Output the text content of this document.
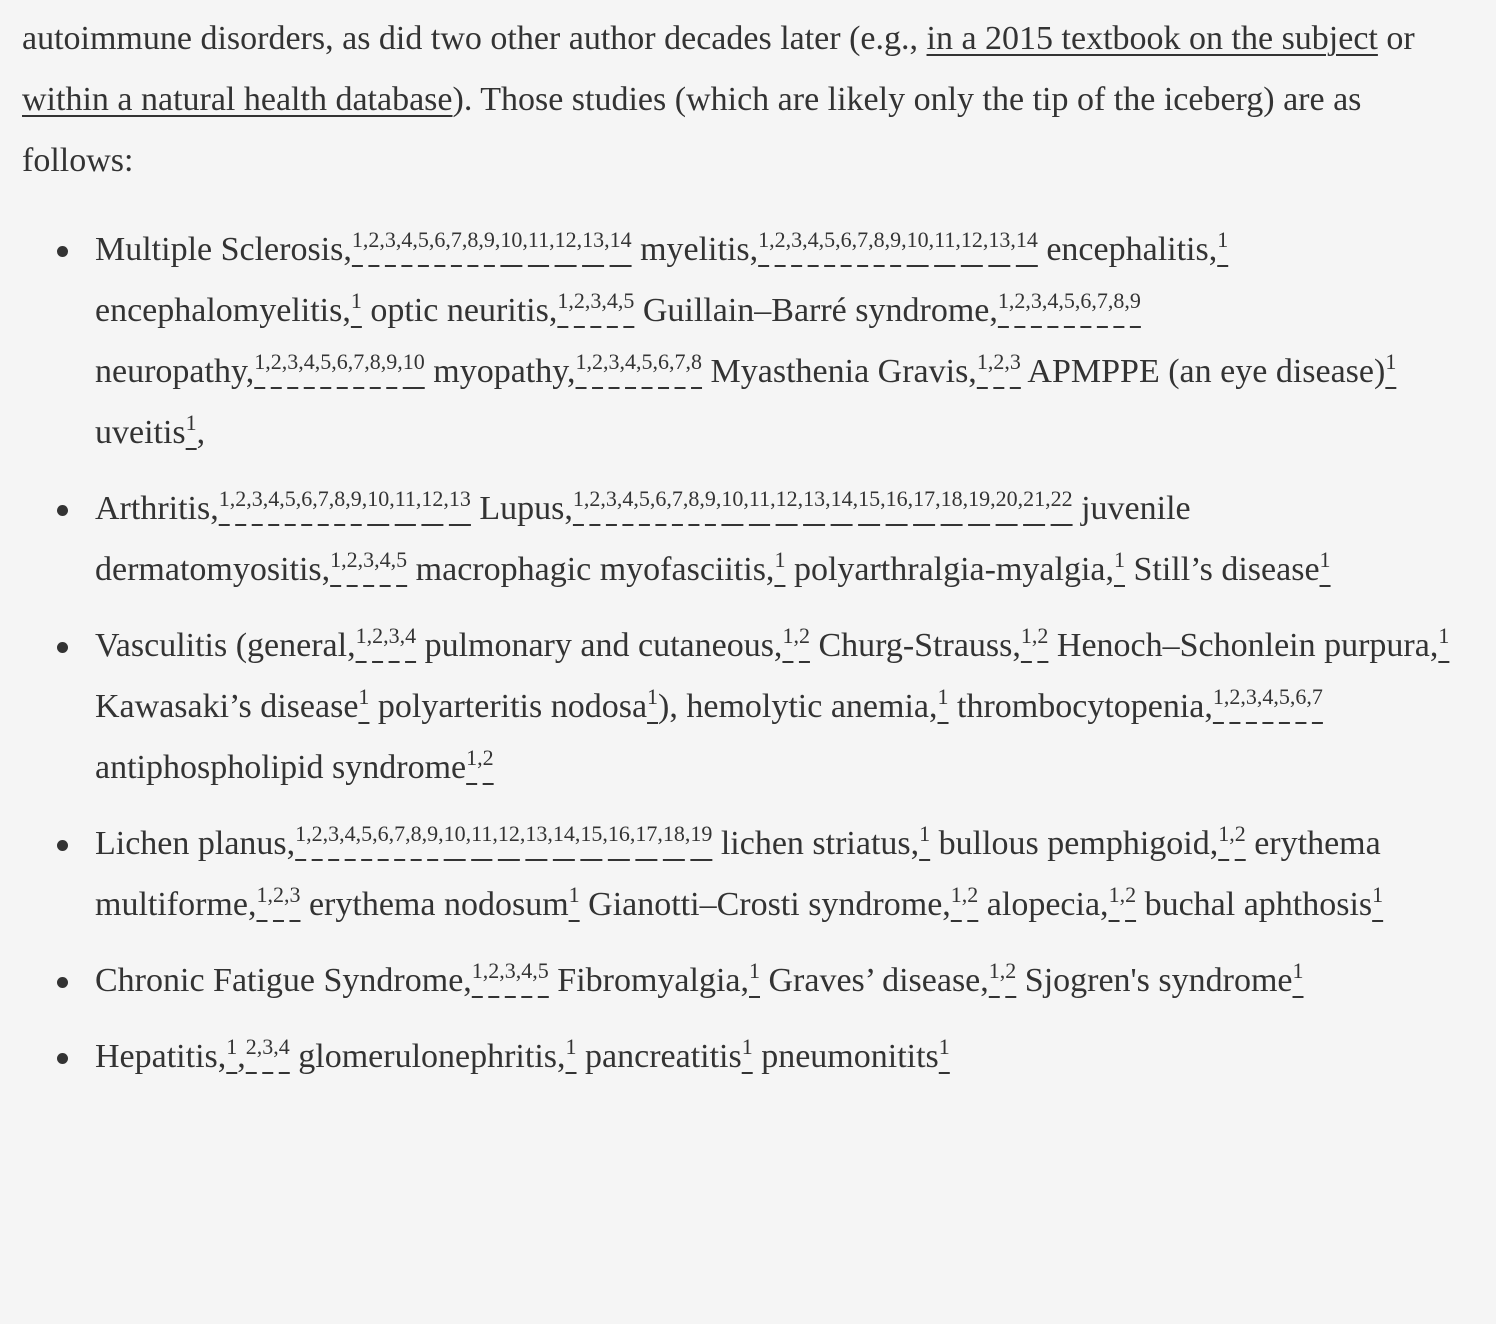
autoimmune disorders, as did two other author decades later (e.g., in a 2015 textbook on the subject or within a natural health database). Those studies (which are likely only the tip of the iceberg) are as follows:

Multiple Sclerosis,$^{1,2,3,4,5,6,7,8,9,10,11,12,13,14}$ myelitis,$^{1,2,3,4,5,6,7,8,9,10,11,12,13,14}$ encephalitis,$^1$ encephalomyelitis,$^1$ optic neuritis,$^{1,2,3,4,5}$ Guillain–Barré syndrome,$^{1,2,3,4,5,6,7,8,9}$ neuropathy,$^{1,2,3,4,5,6,7,8,9,10}$ myopathy,$^{1,2,3,4,5,6,7,8}$ Myasthenia Gravis,$^{1,2,3}$ APMPPE (an eye disease)$^1$ uveitis$^1$,
Arthritis,$^{1,2,3,4,5,6,7,8,9,10,11,12,13}$ Lupus,$^{1,2,3,4,5,6,7,8,9,10,11,12,13,14,15,16,17,18,19,20,21,22}$ juvenile dermatomyositis,$^{1,2,3,4,5}$ macrophagic myofasciitis,$^1$ polyarthralgia-myalgia,$^1$ Still’s disease$^1$
Vasculitis (general,$^{1,2,3,4}$ pulmonary and cutaneous,$^{1,2}$ Churg-Strauss,$^{1,2}$ Henoch–Schonlein purpura,$^1$ Kawasaki’s disease$^1$ polyarteritis nodosa$^1$), hemolytic anemia,$^1$ thrombocytopenia,$^{1,2,3,4,5,6,7}$ antiphospholipid syndrome$^{1,2}$
Lichen planus,$^{1,2,3,4,5,6,7,8,9,10,11,12,13,14,15,16,17,18,19}$ lichen striatus,$^1$ bullous pemphigoid,$^{1,2}$ erythema multiforme,$^{1,2,3}$ erythema nodosum$^1$ Gianotti–Crosti syndrome,$^{1,2}$ alopecia,$^{1,2}$ buchal aphthosis$^1$
Chronic Fatigue Syndrome,$^{1,2,3,4,5}$ Fibromyalgia,$^1$ Graves’ disease,$^{1,2}$ Sjogren's syndrome$^1$
Hepatitis,$^1$,$^{2,3,4}$ glomerulonephritis,$^1$ pancreatitis$^1$ pneumonitits$^1$
